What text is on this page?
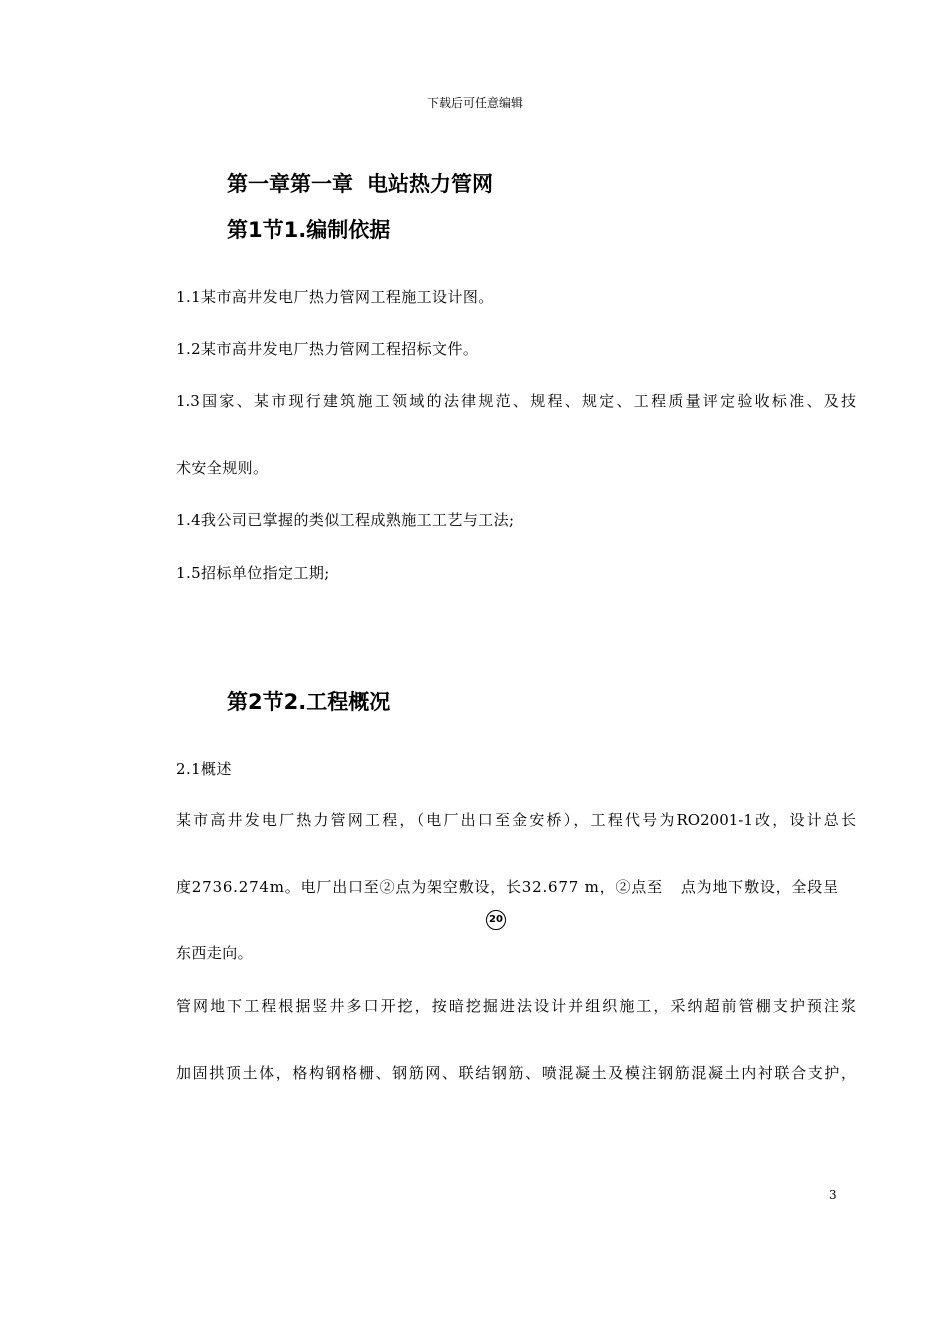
下载后可任意编辑
第一章第一章 电站热力管网
第1节1.编制依据
1.1某市高井发电厂热力管网工程施工设计图。
1.2某市高井发电厂热力管网工程招标文件。
1.3国家、某市现行建筑施工领域的法律规范、规程、规定、工程质量评定验收标准、及技
术安全规则。
1.4我公司已掌握的类似工程成熟施工工艺与工法;
1.5招标单位指定工期;
第2节2.工程概况
2.1概述
某市高井发电厂热力管网工程，（电厂出口至金安桥），工程代号为RO2001-1改，设计总长
度2736.274m。电厂出口至②点为架空敷设，长32.677 m，②点至 点为地下敷设，全段呈
20
东西走向。
管网地下工程根据竖井多口开挖，按暗挖掘进法设计并组织施工，采纳超前管棚支护预注浆
加固拱顶土体，格构钢格栅、钢筋网、联结钢筋、喷混凝土及模注钢筋混凝土内衬联合支护，
3
